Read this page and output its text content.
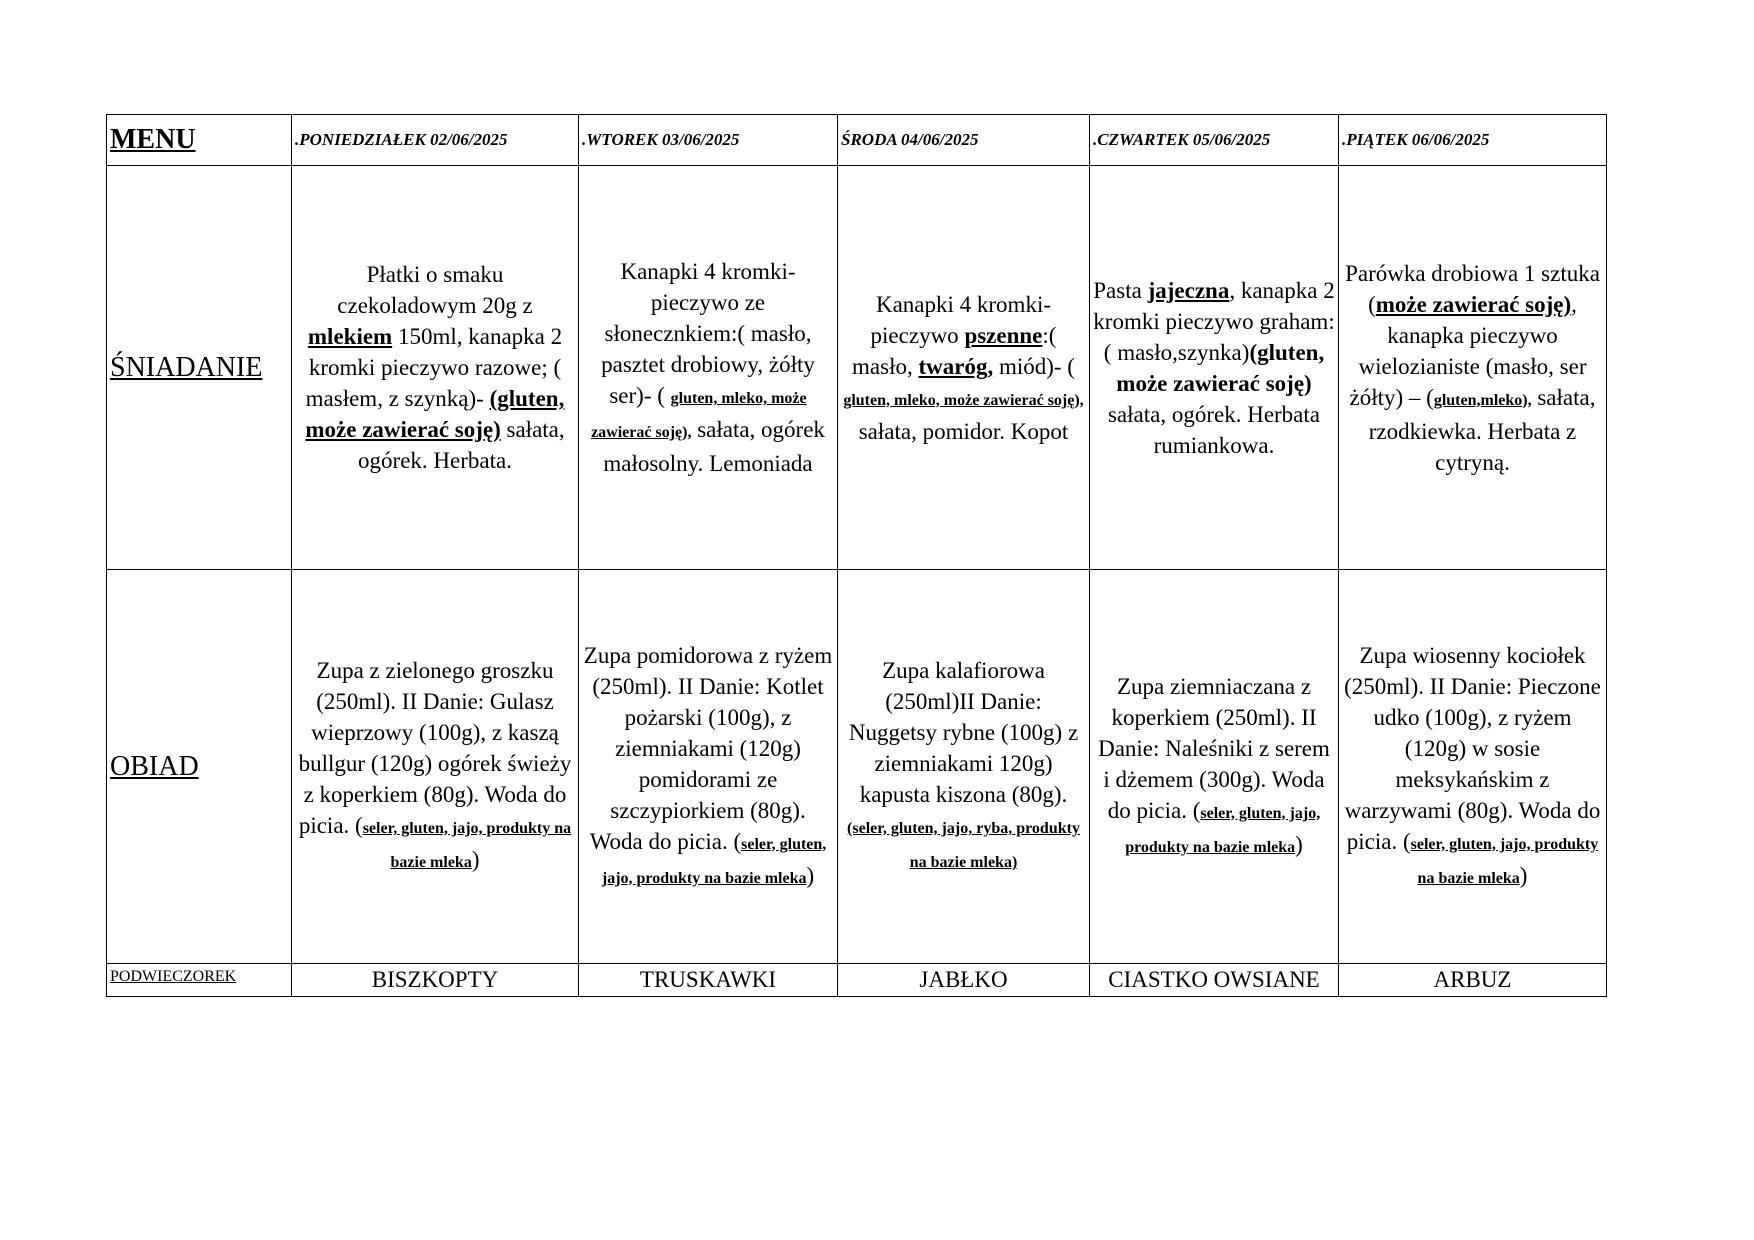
MENU	.PONIEDZIAŁEK 02/06/2025	.WTOREK 03/06/2025	ŚRODA 04/06/2025	.CZWARTEK 05/06/2025	.PIĄTEK 06/06/2025
ŚNIADANIE	Płatki o smaku czekoladowym 20g z mlekiem 150ml, kanapka 2 kromki pieczywo razowe; ( masłem, z szynką)- (gluten, może zawierać soję) sałata, ogórek. Herbata.	Kanapki 4 kromki-pieczywo ze słonecznkiem:( masło, pasztet drobiowy, żółty ser)- ( gluten, mleko, może zawierać soję), sałata, ogórek małosolny. Lemoniada	Kanapki 4 kromki-pieczywo pszenne:( masło, twaróg, miód)- ( gluten, mleko, może zawierać soję), sałata, pomidor. Kopot	Pasta jajeczna, kanapka 2 kromki pieczywo graham:( masło,szynka)(gluten, może zawierać soję) sałata, ogórek. Herbata rumiankowa.	Parówka drobiowa 1 sztuka (może zawierać soję), kanapka pieczywo wielozianiste (masło, ser żółty) – (gluten,mleko), sałata, rzodkiewka. Herbata z cytryną.
OBIAD	Zupa z zielonego groszku (250ml). II Danie: Gulasz wieprzowy (100g), z kaszą bullgur (120g) ogórek świeży z koperkiem (80g). Woda do picia. (seler, gluten, jajo, produkty na bazie mleka)	Zupa pomidorowa z ryżem (250ml). II Danie: Kotlet pożarski (100g), z ziemniakami (120g) pomidorami ze szczypiorkiem (80g). Woda do picia. (seler, gluten, jajo, produkty na bazie mleka)	Zupa kalafiorowa (250ml)II Danie: Nuggetsy rybne (100g) z ziemniakami 120g) kapusta kiszona (80g). (seler, gluten, jajo, ryba, produkty na bazie mleka)	Zupa ziemniaczana z koperkiem (250ml). II Danie: Naleśniki z serem i dżemem (300g). Woda do picia. (seler, gluten, jajo, produkty na bazie mleka)	Zupa wiosenny kociołek (250ml). II Danie: Pieczone udko (100g), z ryżem (120g) w sosie meksykańskim z warzywami (80g). Woda do picia. (seler, gluten, jajo, produkty na bazie mleka)
PODWIECZOREK	BISZKOPTY	TRUSKAWKI	JABŁKO	CIASTKO OWSIANE	ARBUZ
